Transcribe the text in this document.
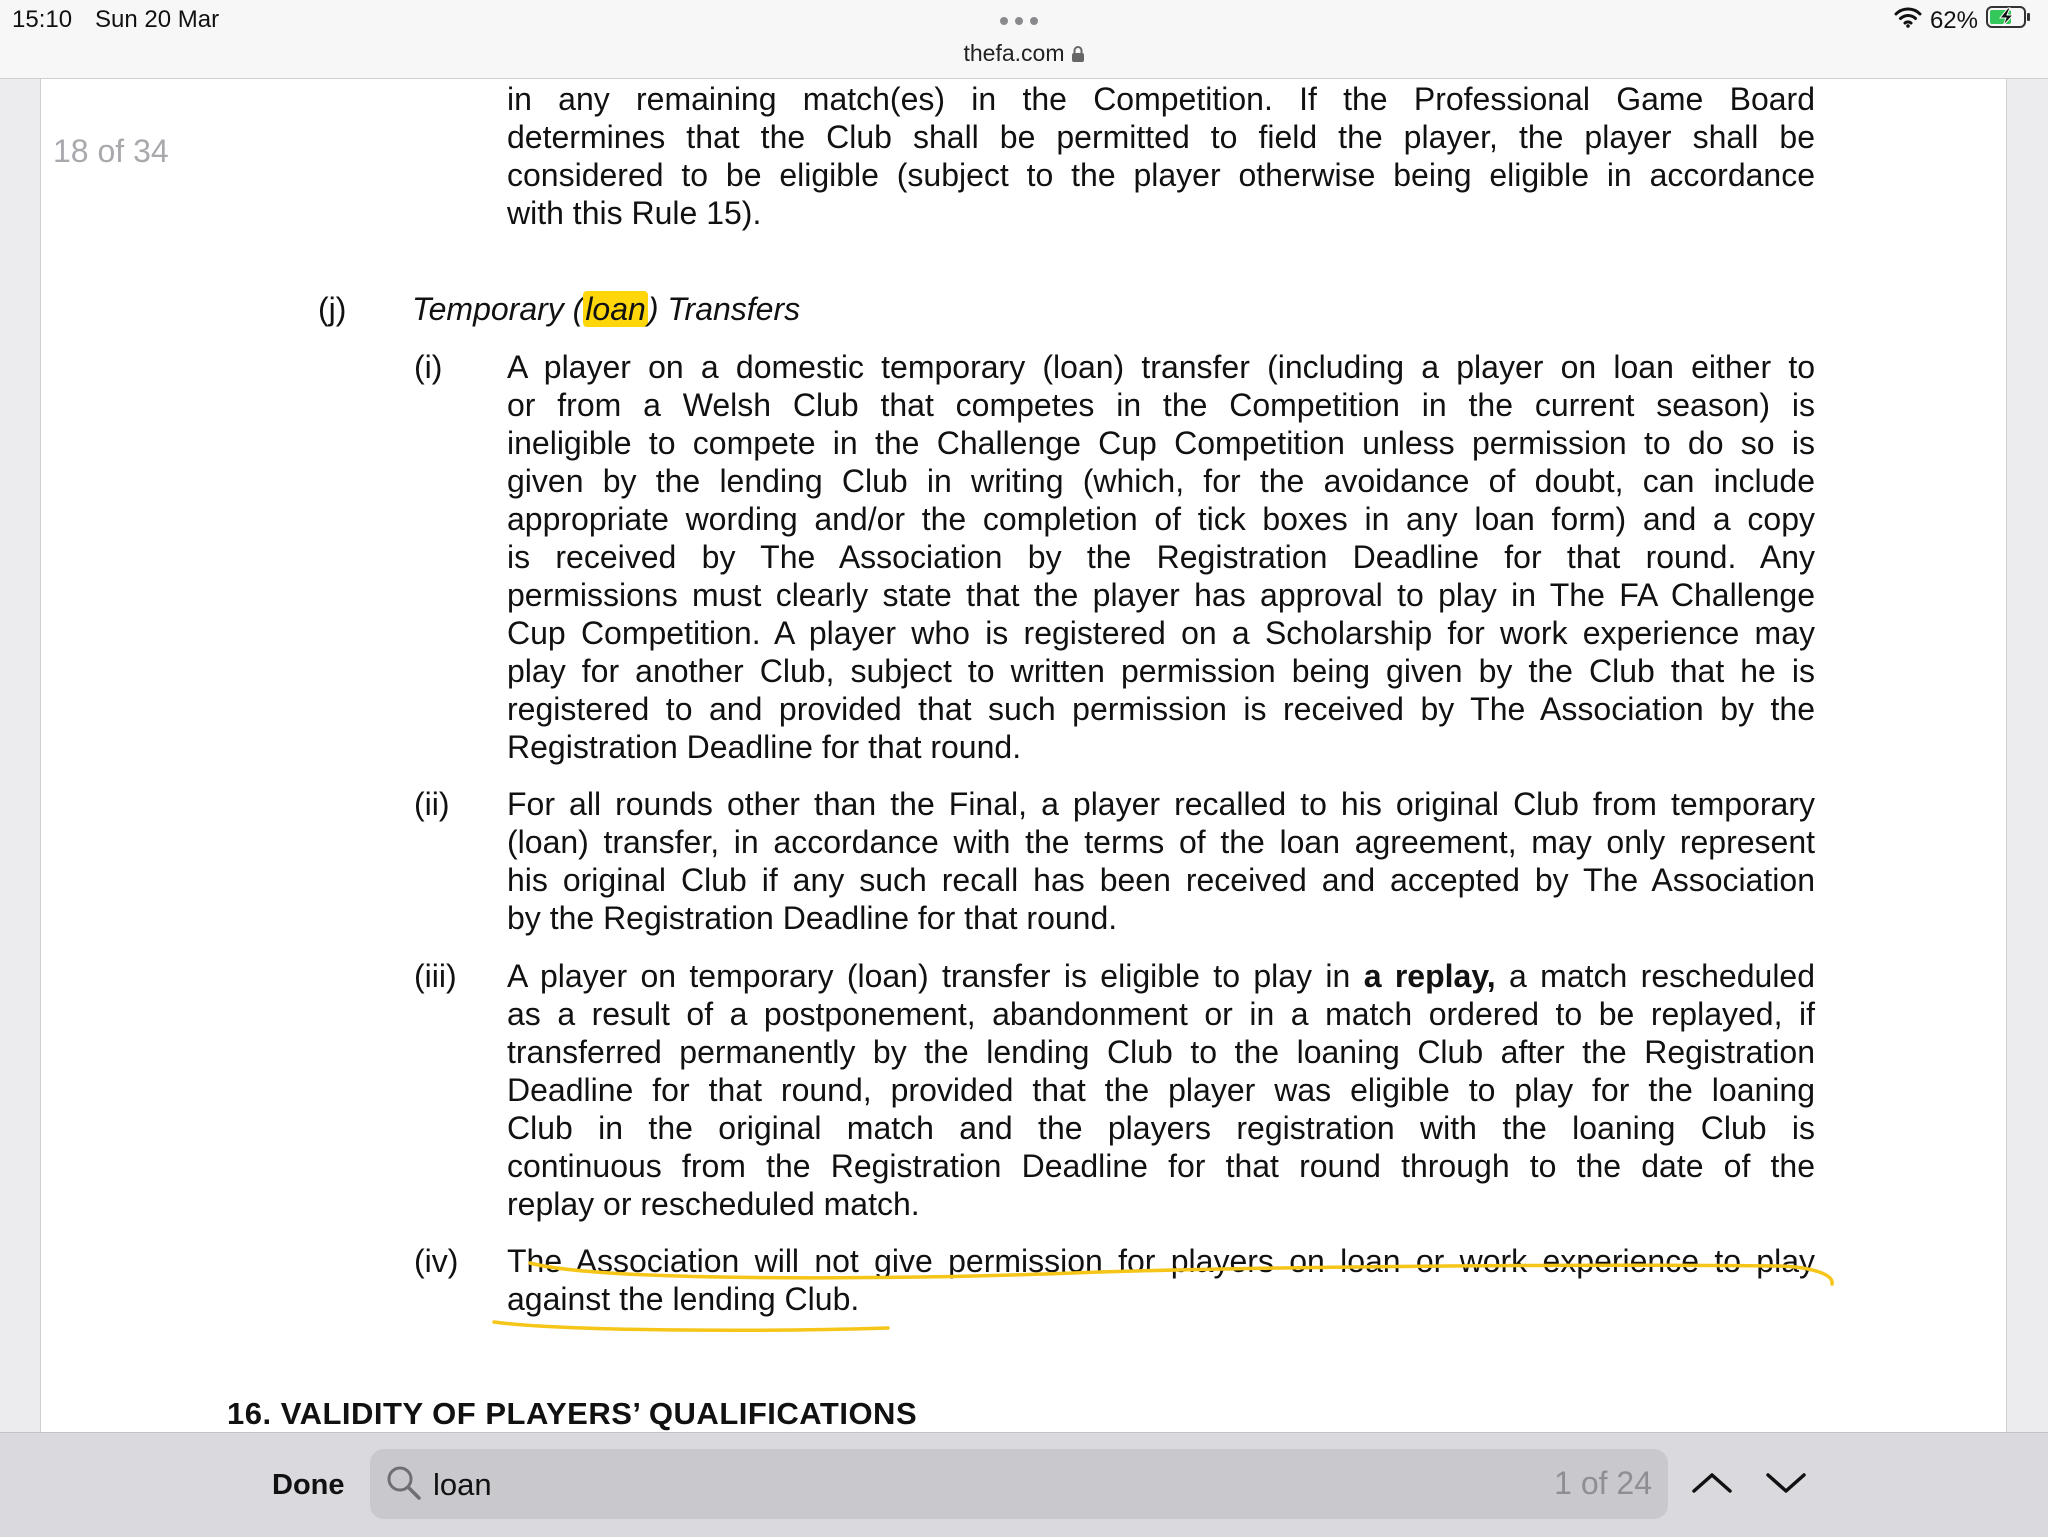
15:10 Sun 20 Mar
thefa.com
62%
18 of 34
in any remaining match(es) in the Competition. If the Professional Game Board
determines that the Club shall be permitted to field the player, the player shall be
considered to be eligible (subject to the player otherwise being eligible in accordance
with this Rule 15).
(j) Temporary (loan) Transfers
(i) A player on a domestic temporary (loan) transfer (including a player on loan either to
or from a Welsh Club that competes in the Competition in the current season) is
ineligible to compete in the Challenge Cup Competition unless permission to do so is
given by the lending Club in writing (which, for the avoidance of doubt, can include
appropriate wording and/or the completion of tick boxes in any loan form) and a copy
is received by The Association by the Registration Deadline for that round. Any
permissions must clearly state that the player has approval to play in The FA Challenge
Cup Competition. A player who is registered on a Scholarship for work experience may
play for another Club, subject to written permission being given by the Club that he is
registered to and provided that such permission is received by The Association by the
Registration Deadline for that round.
(ii) For all rounds other than the Final, a player recalled to his original Club from temporary
(loan) transfer, in accordance with the terms of the loan agreement, may only represent
his original Club if any such recall has been received and accepted by The Association
by the Registration Deadline for that round.
(iii) A player on temporary (loan) transfer is eligible to play in a replay, a match rescheduled
as a result of a postponement, abandonment or in a match ordered to be replayed, if
transferred permanently by the lending Club to the loaning Club after the Registration
Deadline for that round, provided that the player was eligible to play for the loaning
Club in the original match and the players registration with the loaning Club is
continuous from the Registration Deadline for that round through to the date of the
replay or rescheduled match.
(iv) The Association will not give permission for players on loan or work experience to play
against the lending Club.
16. VALIDITY OF PLAYERS’ QUALIFICATIONS
Done	loan	1 of 24
